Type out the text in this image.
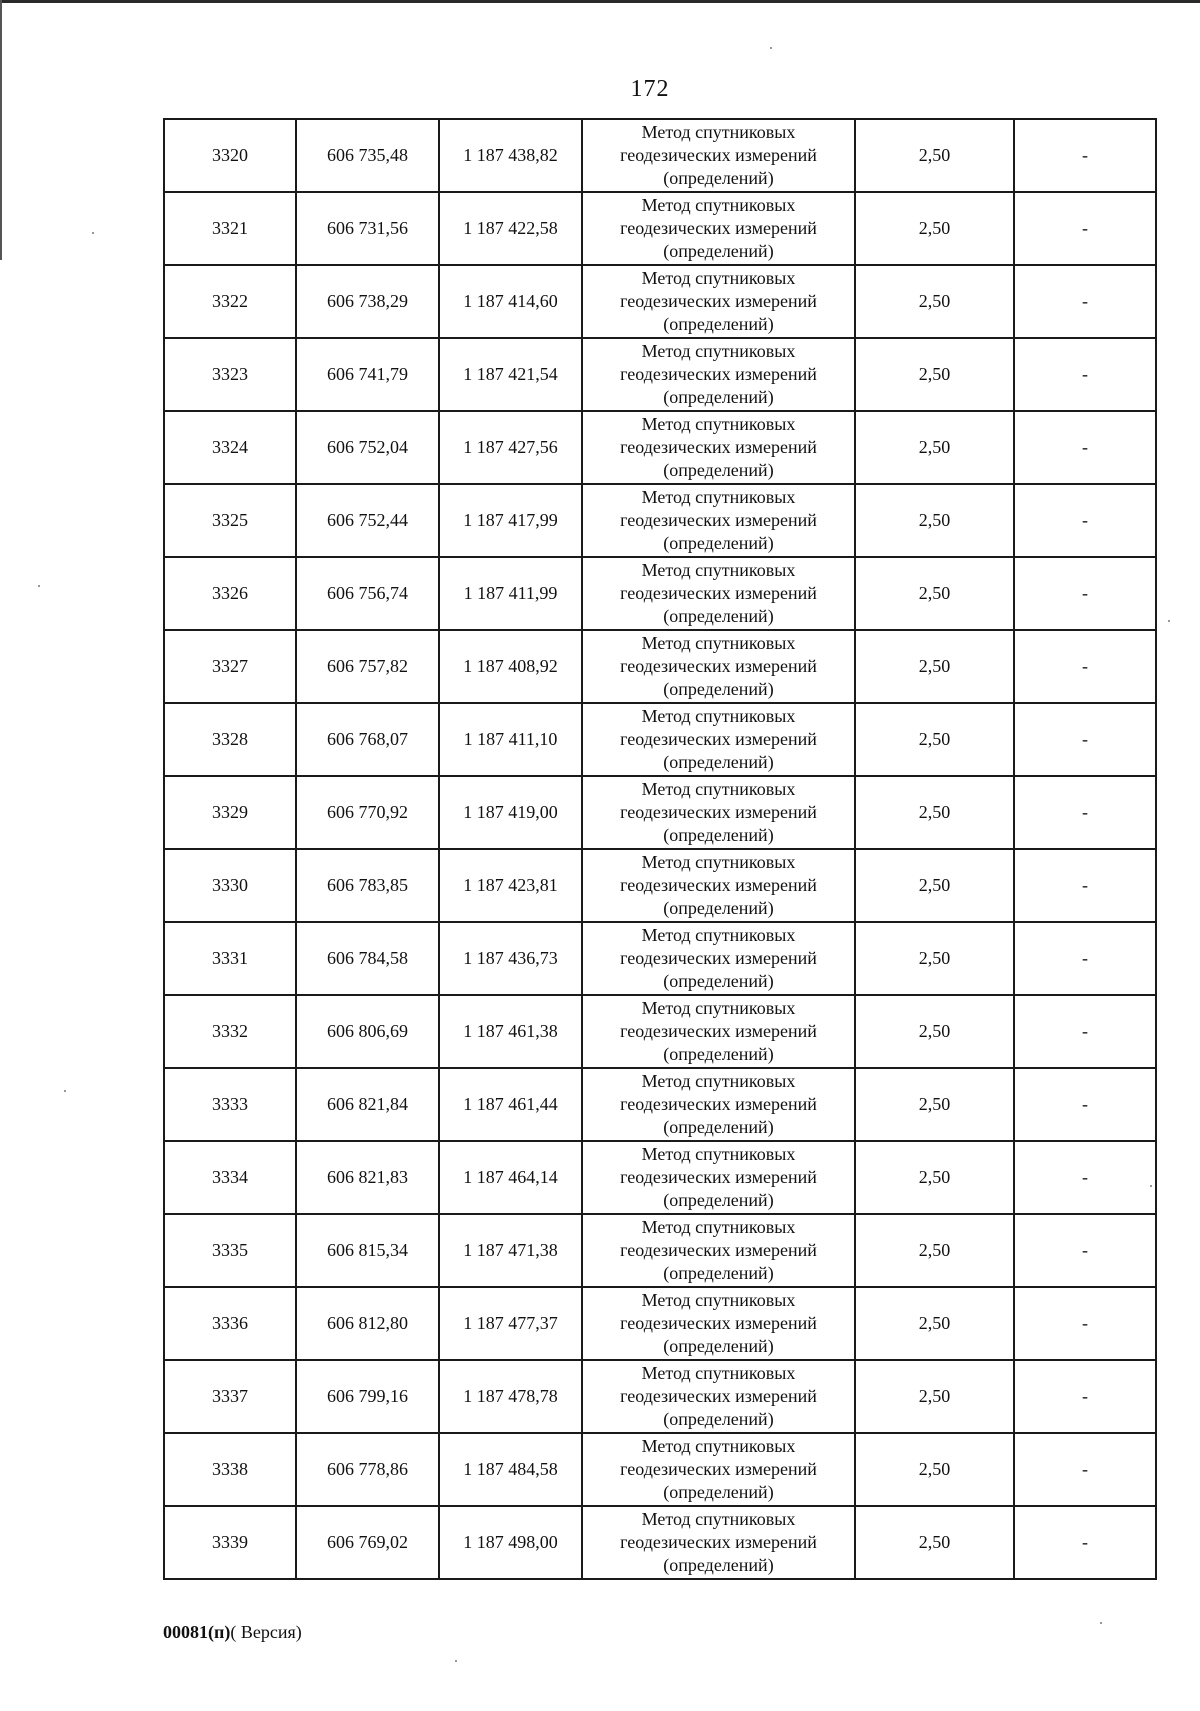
172
3320	606 735,48	1 187 438,82	Метод спутниковых
геодезических измерений
(определений)	2,50	-
3321	606 731,56	1 187 422,58	Метод спутниковых
геодезических измерений
(определений)	2,50	-
3322	606 738,29	1 187 414,60	Метод спутниковых
геодезических измерений
(определений)	2,50	-
3323	606 741,79	1 187 421,54	Метод спутниковых
геодезических измерений
(определений)	2,50	-
3324	606 752,04	1 187 427,56	Метод спутниковых
геодезических измерений
(определений)	2,50	-
3325	606 752,44	1 187 417,99	Метод спутниковых
геодезических измерений
(определений)	2,50	-
3326	606 756,74	1 187 411,99	Метод спутниковых
геодезических измерений
(определений)	2,50	-
3327	606 757,82	1 187 408,92	Метод спутниковых
геодезических измерений
(определений)	2,50	-
3328	606 768,07	1 187 411,10	Метод спутниковых
геодезических измерений
(определений)	2,50	-
3329	606 770,92	1 187 419,00	Метод спутниковых
геодезических измерений
(определений)	2,50	-
3330	606 783,85	1 187 423,81	Метод спутниковых
геодезических измерений
(определений)	2,50	-
3331	606 784,58	1 187 436,73	Метод спутниковых
геодезических измерений
(определений)	2,50	-
3332	606 806,69	1 187 461,38	Метод спутниковых
геодезических измерений
(определений)	2,50	-
3333	606 821,84	1 187 461,44	Метод спутниковых
геодезических измерений
(определений)	2,50	-
3334	606 821,83	1 187 464,14	Метод спутниковых
геодезических измерений
(определений)	2,50	-
3335	606 815,34	1 187 471,38	Метод спутниковых
геодезических измерений
(определений)	2,50	-
3336	606 812,80	1 187 477,37	Метод спутниковых
геодезических измерений
(определений)	2,50	-
3337	606 799,16	1 187 478,78	Метод спутниковых
геодезических измерений
(определений)	2,50	-
3338	606 778,86	1 187 484,58	Метод спутниковых
геодезических измерений
(определений)	2,50	-
3339	606 769,02	1 187 498,00	Метод спутниковых
геодезических измерений
(определений)	2,50	-
00081(п)( Версия)
